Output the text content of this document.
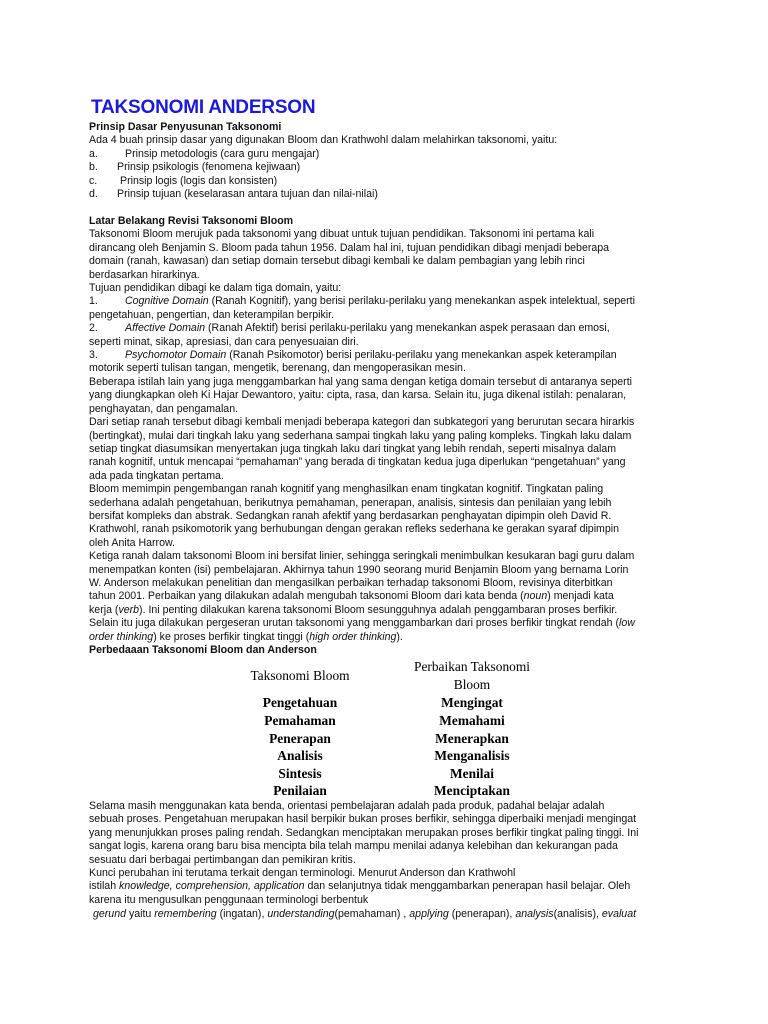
TAKSONOMI ANDERSON
Prinsip Dasar Penyusunan Taksonomi
Ada 4 buah prinsip dasar yang digunakan Bloom dan Krathwohl dalam melahirkan taksonomi, yaitu:
a.	Prinsip metodologis (cara guru mengajar)
b. Prinsip psikologis (fenomena kejiwaan)
c. Prinsip logis (logis dan konsisten)
d. Prinsip tujuan (keselarasan antara tujuan dan nilai-nilai)
Latar Belakang Revisi Taksonomi Bloom
Taksonomi Bloom merujuk pada taksonomi yang dibuat untuk tujuan pendidikan. Taksonomi ini pertama kali
dirancang oleh Benjamin S. Bloom pada tahun 1956. Dalam hal ini, tujuan pendidikan dibagi menjadi beberapa
domain (ranah, kawasan) dan setiap domain tersebut dibagi kembali ke dalam pembagian yang lebih rinci
berdasarkan hirarkinya.
Tujuan pendidikan dibagi ke dalam tiga domain, yaitu:
1.	Cognitive Domain (Ranah Kognitif), yang berisi perilaku-perilaku yang menekankan aspek intelektual, seperti
pengetahuan, pengertian, dan keterampilan berpikir.
2.	Affective Domain (Ranah Afektif) berisi perilaku-perilaku yang menekankan aspek perasaan dan emosi,
seperti minat, sikap, apresiasi, dan cara penyesuaian diri.
3.	Psychomotor Domain (Ranah Psikomotor) berisi perilaku-perilaku yang menekankan aspek keterampilan
motorik seperti tulisan tangan, mengetik, berenang, dan mengoperasikan mesin.
Beberapa istilah lain yang juga menggambarkan hal yang sama dengan ketiga domain tersebut di antaranya seperti
yang diungkapkan oleh Ki Hajar Dewantoro, yaitu: cipta, rasa, dan karsa. Selain itu, juga dikenal istilah: penalaran,
penghayatan, dan pengamalan.
Dari setiap ranah tersebut dibagi kembali menjadi beberapa kategori dan subkategori yang berurutan secara hirarkis
(bertingkat), mulai dari tingkah laku yang sederhana sampai tingkah laku yang paling kompleks. Tingkah laku dalam
setiap tingkat diasumsikan menyertakan juga tingkah laku dari tingkat yang lebih rendah, seperti misalnya dalam
ranah kognitif, untuk mencapai “pemahaman” yang berada di tingkatan kedua juga diperlukan “pengetahuan” yang
ada pada tingkatan pertama.
Bloom memimpin pengembangan ranah kognitif yang menghasilkan enam tingkatan kognitif. Tingkatan paling
sederhana adalah pengetahuan, berikutnya pemahaman, penerapan, analisis, sintesis dan penilaian yang lebih
bersifat kompleks dan abstrak. Sedangkan ranah afektif yang berdasarkan penghayatan dipimpin oleh David R.
Krathwohl, ranah psikomotorik yang berhubungan dengan gerakan refleks sederhana ke gerakan syaraf dipimpin
oleh Anita Harrow.
Ketiga ranah dalam taksonomi Bloom ini bersifat linier, sehingga seringkali menimbulkan kesukaran bagi guru dalam
menempatkan konten (isi) pembelajaran. Akhirnya tahun 1990 seorang murid Benjamin Bloom yang bernama Lorin
W. Anderson melakukan penelitian dan mengasilkan perbaikan terhadap taksonomi Bloom, revisinya diterbitkan
tahun 2001. Perbaikan yang dilakukan adalah mengubah taksonomi Bloom dari kata benda (noun) menjadi kata
kerja (verb). Ini penting dilakukan karena taksonomi Bloom sesungguhnya adalah penggambaran proses berfikir.
Selain itu juga dilakukan pergeseran urutan taksonomi yang menggambarkan dari proses berfikir tingkat rendah (low
order thinking) ke proses berfikir tingkat tinggi (high order thinking).
Perbedaaan Taksonomi Bloom dan Anderson
Selama masih menggunakan kata benda, orientasi pembelajaran adalah pada produk, padahal belajar adalah
sebuah proses. Pengetahuan merupakan hasil berpikir bukan proses berfikir, sehingga diperbaiki menjadi mengingat
yang menunjukkan proses paling rendah. Sedangkan menciptakan merupakan proses berfikir tingkat paling tinggi. Ini
sangat logis, karena orang baru bisa mencipta bila telah mampu menilai adanya kelebihan dan kekurangan pada
sesuatu dari berbagai pertimbangan dan pemikiran kritis.
Kunci perubahan ini terutama terkait dengan terminologi. Menurut Anderson dan Krathwohl
istilah knowledge, comprehension, application dan selanjutnya tidak menggambarkan penerapan hasil belajar. Oleh
karena itu mengusulkan penggunaan terminologi berbentuk
gerund yaitu remembering (ingatan), understanding(pemahaman) , applying (penerapan), analysis(analisis), evaluat
Taksonomi Bloom
Perbaikan Taksonomi
Bloom
Pengetahuan	Mengingat
Pemahaman	Memahami
Penerapan	Menerapkan
Analisis	Menganalisis
Sintesis	Menilai
Penilaian	Menciptakan
